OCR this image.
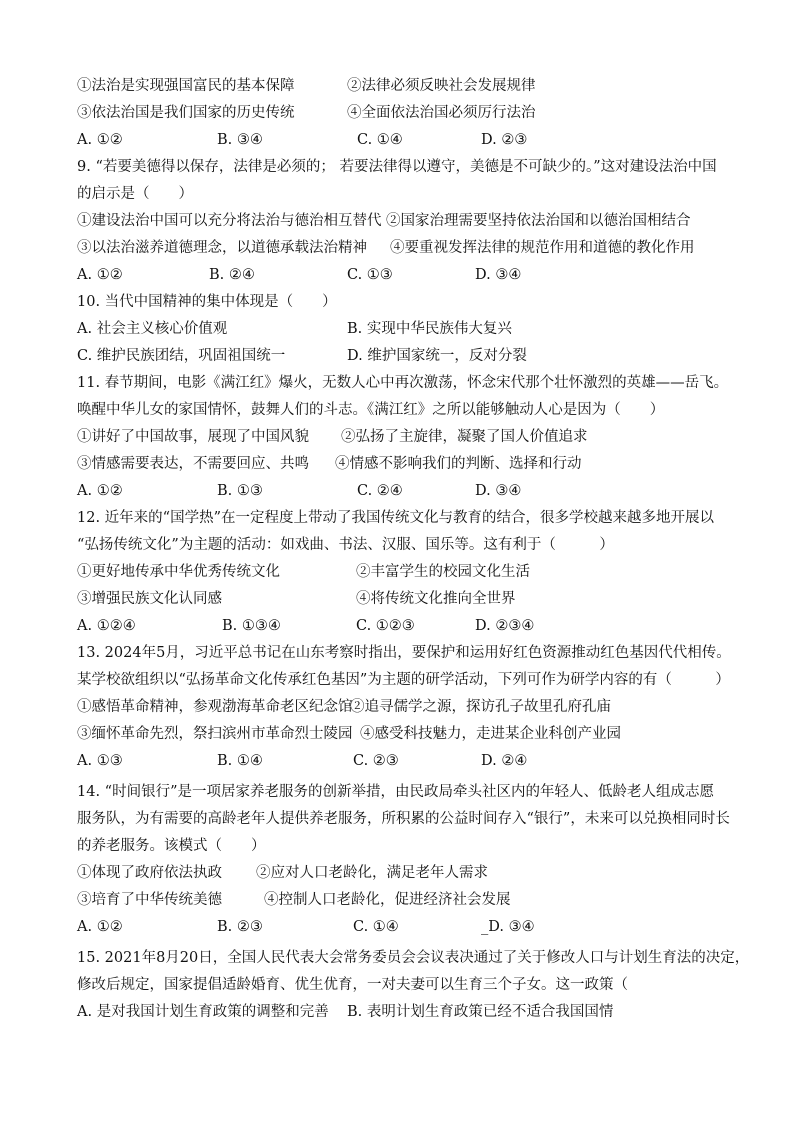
①法治是实现强国富民的基本保障	②法律必须反映社会发展规律
③依法治国是我们国家的历史传统	④全面依法治国必须厉行法治
A. ①②	B. ③④	C. ①④	D. ②③
9. “若要美德得以保存，法律是必须的； 若要法律得以遵守，美德是不可缺少的。”这对建设法治中国
的启示是（　　）
①建设法治中国可以充分将法治与德治相互替代 ②国家治理需要坚持依法治国和以德治国相结合
③以法治滋养道德理念，以道德承载法治精神 ④要重视发挥法律的规范作用和道德的教化作用
A. ①②	B. ②④	C. ①③	D. ③④
10. 当代中国精神的集中体现是（　　）
A. 社会主义核心价值观	B. 实现中华民族伟大复兴
C. 维护民族团结，巩固祖国统一	D. 维护国家统一，反对分裂
11. 春节期间，电影《满江红》爆火，无数人心中再次激荡，怀念宋代那个壮怀激烈的英雄——岳飞。
唤醒中华儿女的家国情怀，鼓舞人们的斗志。《满江红》之所以能够触动人心是因为（　　）
①讲好了中国故事，展现了中国风貌 ②弘扬了主旋律，凝聚了国人价值追求
③情感需要表达，不需要回应、共鸣 ④情感不影响我们的判断、选择和行动
A. ①②	B. ①③	C. ②④	D. ③④
12. 近年来的“国学热”在一定程度上带动了我国传统文化与教育的结合，很多学校越来越多地开展以
“弘扬传统文化”为主题的活动：如戏曲、书法、汉服、国乐等。这有利于（　　　）
①更好地传承中华优秀传统文化	②丰富学生的校园文化生活
③增强民族文化认同感	④将传统文化推向全世界
A. ①②④	B. ①③④	C. ①②③	D. ②③④
13. 2024年5月，习近平总书记在山东考察时指出，要保护和运用好红色资源推动红色基因代代相传。
某学校欲组织以“弘扬革命文化传承红色基因”为主题的研学活动，下列可作为研学内容的有（　　　）
①感悟革命精神，参观渤海革命老区纪念馆
②追寻儒学之源，探访孔子故里孔府孔庙
③缅怀革命先烈，祭扫滨州市革命烈士陵园 ④感受科技魅力，走进某企业科创产业园
A. ①③	B. ①④	C. ②③	D. ②④
14. “时间银行”是一项居家养老服务的创新举措，由民政局牵头社区内的年轻人、低龄老人组成志愿
服务队，为有需要的高龄老年人提供养老服务，所积累的公益时间存入“银行”，未来可以兑换相同时长
的养老服务。该模式（　　）
①体现了政府依法执政 ②应对人口老龄化，满足老年人需求
③培育了中华传统美德	④控制人口老龄化，促进经济社会发展
A. ①②	B. ②③	C. ①④	_D. ③④
15. 2021年8月20日，全国人民代表大会常务委员会会议表决通过了关于修改人口与计划生育法的决定，
修改后规定，国家提倡适龄婚育、优生优育，一对夫妻可以生育三个子女。这一政策（
A. 是对我国计划生育政策的调整和完善 B. 表明计划生育政策已经不适合我国国情
